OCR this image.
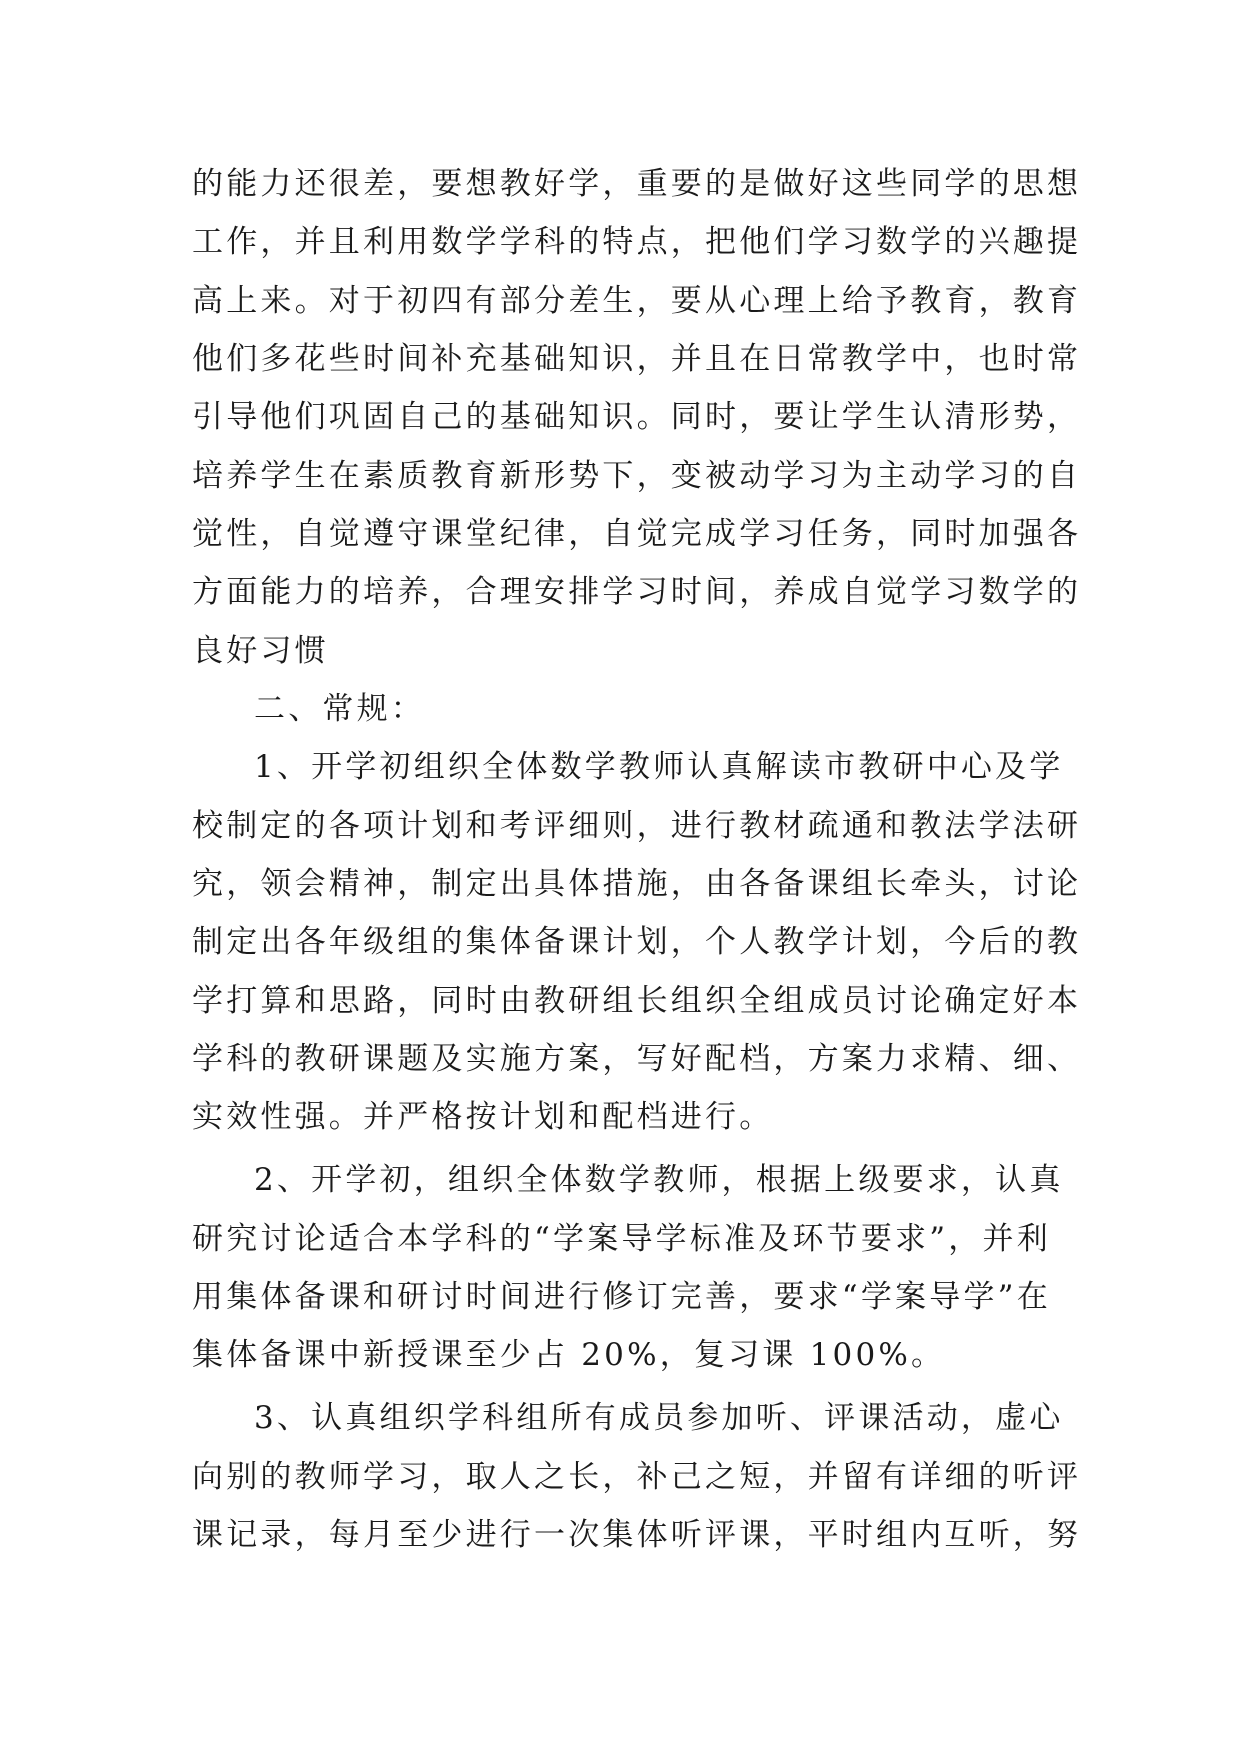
的能力还很差，要想教好学，重要的是做好这些同学的思想
工作，并且利用数学学科的特点，把他们学习数学的兴趣提
高上来。对于初四有部分差生，要从心理上给予教育，教育
他们多花些时间补充基础知识，并且在日常教学中，也时常
引导他们巩固自己的基础知识。同时，要让学生认清形势，
培养学生在素质教育新形势下，变被动学习为主动学习的自
觉性，自觉遵守课堂纪律，自觉完成学习任务，同时加强各
方面能力的培养，合理安排学习时间，养成自觉学习数学的
良好习惯
二、常规：
1、开学初组织全体数学教师认真解读市教研中心及学
校制定的各项计划和考评细则，进行教材疏通和教法学法研
究，领会精神，制定出具体措施，由各备课组长牵头，讨论
制定出各年级组的集体备课计划，个人教学计划，今后的教
学打算和思路，同时由教研组长组织全组成员讨论确定好本
学科的教研课题及实施方案，写好配档，方案力求精、细、
实效性强。并严格按计划和配档进行。
2、开学初，组织全体数学教师，根据上级要求，认真
研究讨论适合本学科的“学案导学标准及环节要求”，并利
用集体备课和研讨时间进行修订完善，要求“学案导学”在
集体备课中新授课至少占 20%，复习课 100%。
3、认真组织学科组所有成员参加听、评课活动，虚心
向别的教师学习，取人之长，补己之短，并留有详细的听评
课记录，每月至少进行一次集体听评课，平时组内互听，努
